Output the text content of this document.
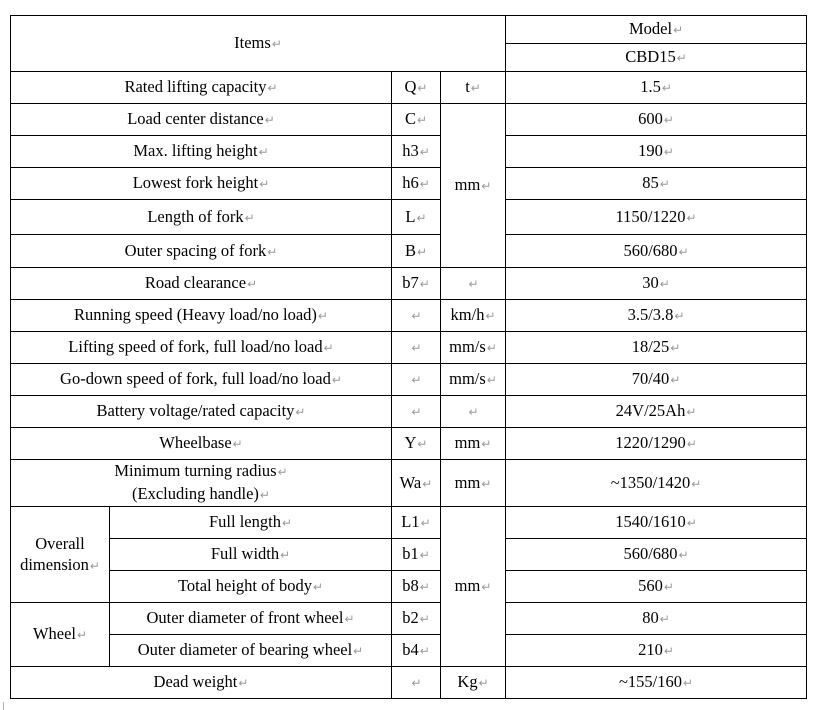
Items↵				Model↵
				CBD15↵
Rated lifting capacity↵		Q↵	t↵	1.5↵
Load center distance↵		C↵	mm↵	600↵
Max. lifting height↵		h3↵		190↵
Lowest fork height↵		h6↵		85↵
Length of fork↵		L↵		1150/1220↵
Outer spacing of fork↵		B↵		560/680↵
Road clearance↵		b7↵	↵	30↵
Running speed (Heavy load/no load)↵		↵	km/h↵	3.5/3.8↵
Lifting speed of fork, full load/no load↵		↵	mm/s↵	18/25↵
Go-down speed of fork, full load/no load↵		↵	mm/s↵	70/40↵
Battery voltage/rated capacity↵		↵	↵	24V/25Ah↵
Wheelbase↵		Y↵	mm↵	1220/1290↵
Minimum turning radius↵
(Excluding handle)↵		Wa↵	mm↵	~1350/1420↵
Overall
dimension↵	Full length↵	L1↵	mm↵	1540/1610↵
	Full width↵	b1↵		560/680↵
	Total height of body↵	b8↵		560↵
Wheel↵	Outer diameter of front wheel↵	b2↵		80↵
	Outer diameter of bearing wheel↵	b4↵		210↵
Dead weight↵		↵	Kg↵	~155/160↵
